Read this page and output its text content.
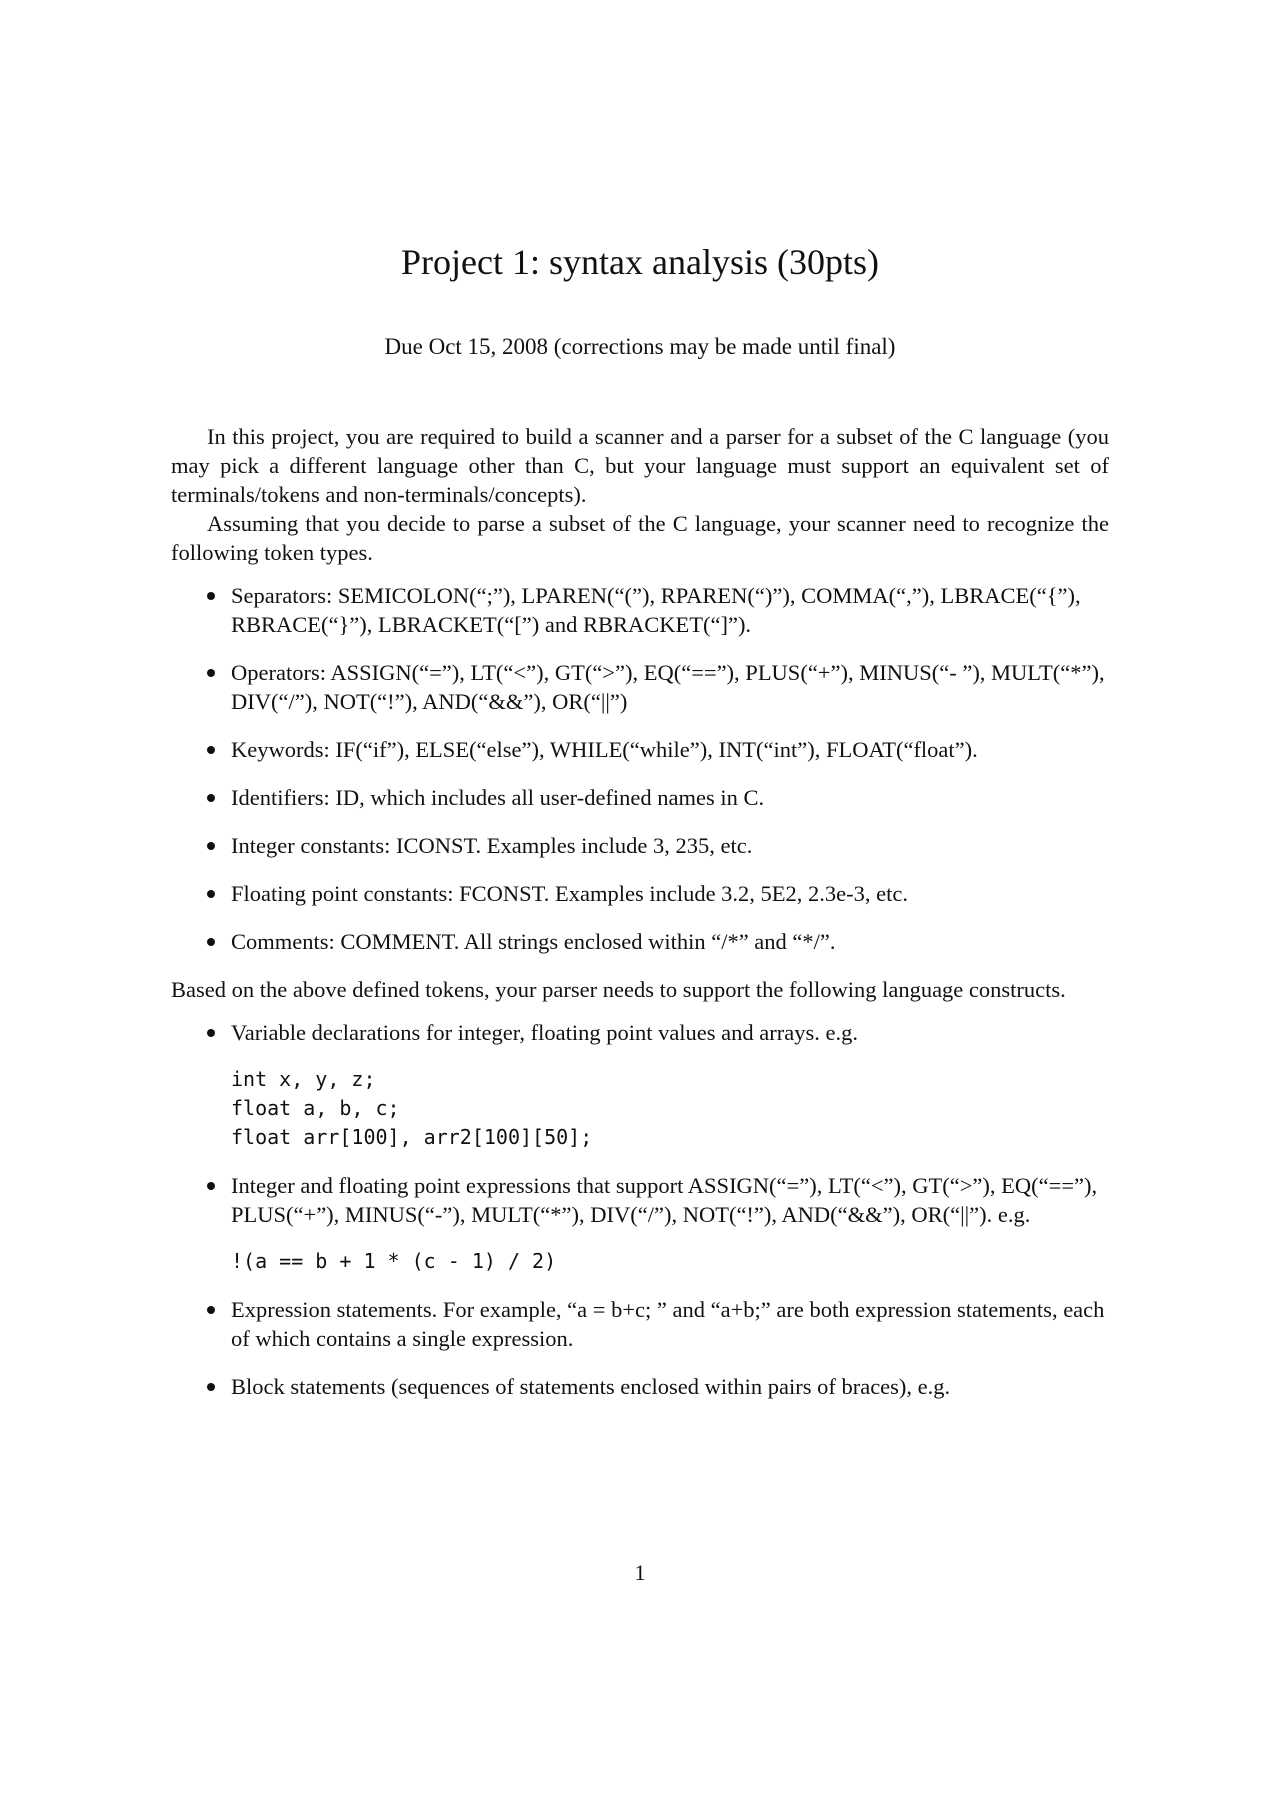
Project 1: syntax analysis (30pts)
Due Oct 15, 2008 (corrections may be made until final)

In this project, you are required to build a scanner and a parser for a subset of the C language (you may pick a different language other than C, but your language must support an equivalent set of terminals/tokens and non-terminals/concepts).

Assuming that you decide to parse a subset of the C language, your scanner need to recognize the following token types.

Separators: SEMICOLON(“;”), LPAREN(“(”), RPAREN(“)”), COMMA(“,”), LBRACE(“{”), RBRACE(“}”), LBRACKET(“[”) and RBRACKET(“]”).
Operators: ASSIGN(“=”), LT(“<”), GT(“>”), EQ(“==”), PLUS(“+”), MINUS(“- ”), MULT(“*”), DIV(“/”), NOT(“!”), AND(“&&”), OR(“||”)
Keywords: IF(“if”), ELSE(“else”), WHILE(“while”), INT(“int”), FLOAT(“float”).
Identifiers: ID, which includes all user-defined names in C.
Integer constants: ICONST. Examples include 3, 235, etc.
Floating point constants: FCONST. Examples include 3.2, 5E2, 2.3e-3, etc.
Comments: COMMENT. All strings enclosed within “/*” and “*/”.

Based on the above defined tokens, your parser needs to support the following language constructs.

Variable declarations for integer, floating point values and arrays. e.g.
int x, y, z;
float a, b, c;
float arr[100], arr2[100][50];
Integer and floating point expressions that support ASSIGN(“=”), LT(“<”), GT(“>”), EQ(“==”), PLUS(“+”), MINUS(“-”), MULT(“*”), DIV(“/”), NOT(“!”), AND(“&&”), OR(“||”). e.g.
!(a == b + 1 * (c - 1) / 2)
Expression statements. For example, “a = b+c; ” and “a+b;” are both expression statements, each of which contains a single expression.
Block statements (sequences of statements enclosed within pairs of braces), e.g.
1
